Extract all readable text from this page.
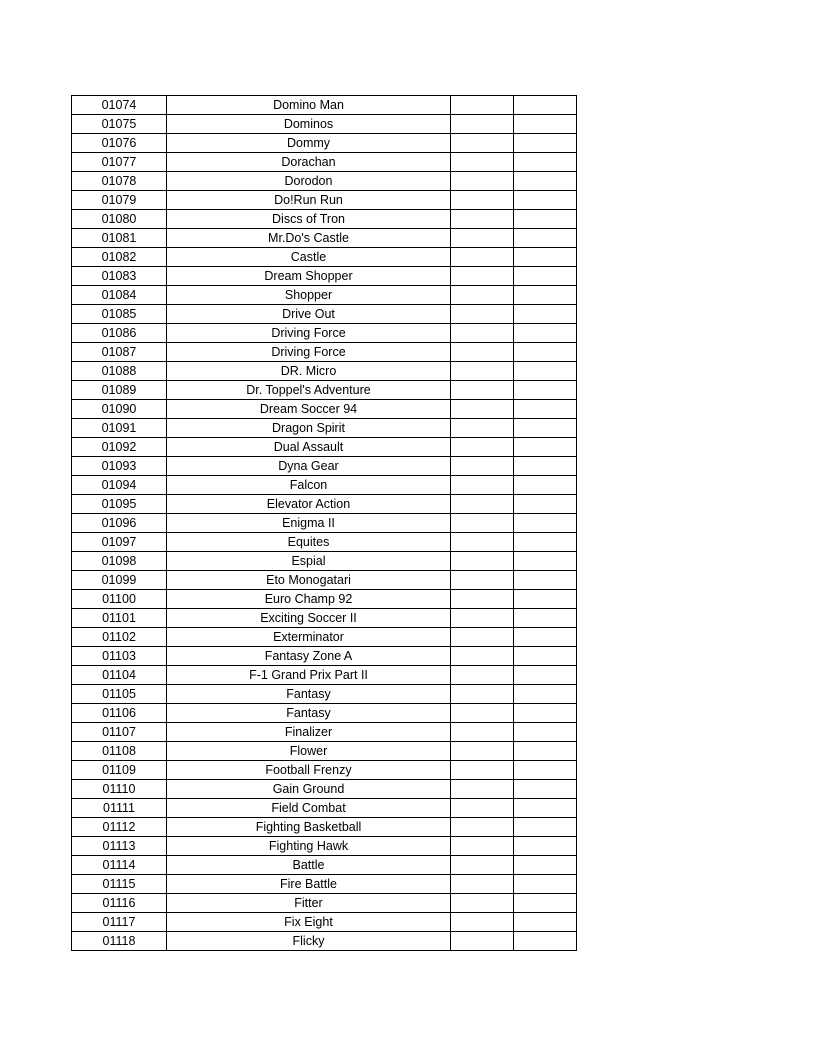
01074	Domino Man		
01075	Dominos		
01076	Dommy		
01077	Dorachan		
01078	Dorodon		
01079	Do!Run Run		
01080	Discs of Tron		
01081	Mr.Do's Castle		
01082	Castle		
01083	Dream Shopper		
01084	Shopper		
01085	Drive Out		
01086	Driving Force		
01087	Driving Force		
01088	DR. Micro		
01089	Dr. Toppel's Adventure		
01090	Dream Soccer 94		
01091	Dragon Spirit		
01092	Dual Assault		
01093	Dyna Gear		
01094	Falcon		
01095	Elevator Action		
01096	Enigma II		
01097	Equites		
01098	Espial		
01099	Eto Monogatari		
01100	Euro Champ 92		
01101	Exciting Soccer II		
01102	Exterminator		
01103	Fantasy Zone A		
01104	F-1 Grand Prix Part II		
01105	Fantasy		
01106	Fantasy		
01107	Finalizer		
01108	Flower		
01109	Football Frenzy		
01110	Gain Ground		
01111	Field Combat		
01112	Fighting Basketball		
01113	Fighting Hawk		
01114	Battle		
01115	Fire Battle		
01116	Fitter		
01117	Fix Eight		
01118	Flicky		
